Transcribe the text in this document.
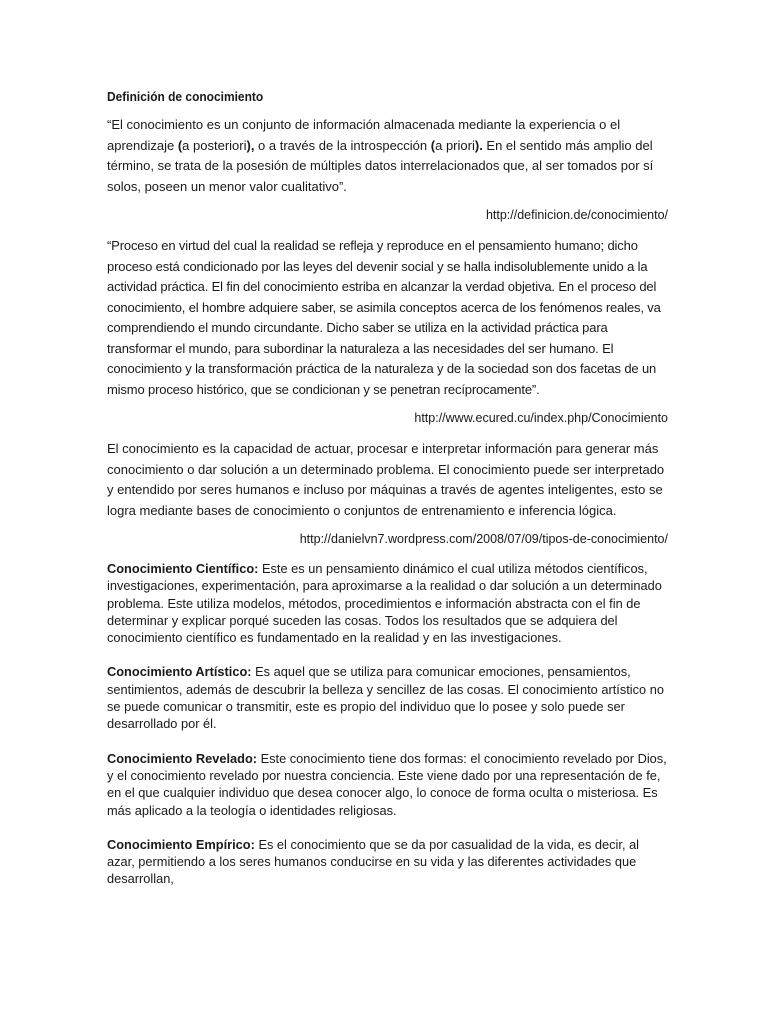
Definición de conocimiento

“El conocimiento es un conjunto de información almacenada mediante la experiencia o el aprendizaje (a posteriori), o a través de la introspección (a priori). En el sentido más amplio del término, se trata de la posesión de múltiples datos interrelacionados que, al ser tomados por sí solos, poseen un menor valor cualitativo”.

http://definicion.de/conocimiento/

“Proceso en virtud del cual la realidad se refleja y reproduce en el pensamiento humano; dicho proceso está condicionado por las leyes del devenir social y se halla indisolublemente unido a la actividad práctica. El fin del conocimiento estriba en alcanzar la verdad objetiva. En el proceso del conocimiento, el hombre adquiere saber, se asimila conceptos acerca de los fenómenos reales, va comprendiendo el mundo circundante. Dicho saber se utiliza en la actividad práctica para transformar el mundo, para subordinar la naturaleza a las necesidades del ser humano. El conocimiento y la transformación práctica de la naturaleza y de la sociedad son dos facetas de un mismo proceso histórico, que se condicionan y se penetran recíprocamente”.

http://www.ecured.cu/index.php/Conocimiento

El conocimiento es la capacidad de actuar, procesar e interpretar información para generar más conocimiento o dar solución a un determinado problema. El conocimiento puede ser interpretado y entendido por seres humanos e incluso por máquinas a través de agentes inteligentes, esto se logra mediante bases de conocimiento o conjuntos de entrenamiento e inferencia lógica.

http://danielvn7.wordpress.com/2008/07/09/tipos-de-conocimiento/

Conocimiento Científico: Este es un pensamiento dinámico el cual utiliza métodos científicos, investigaciones, experimentación, para aproximarse a la realidad o dar solución a un determinado problema. Este utiliza modelos, métodos, procedimientos e información abstracta con el fin de determinar y explicar porqué suceden las cosas. Todos los resultados que se adquiera del conocimiento científico es fundamentado en la realidad y en las investigaciones.

Conocimiento Artístico: Es aquel que se utiliza para comunicar emociones, pensamientos, sentimientos, además de descubrir la belleza y sencillez de las cosas. El conocimiento artístico no se puede comunicar o transmitir, este es propio del individuo que lo posee y solo puede ser desarrollado por él.

Conocimiento Revelado: Este conocimiento tiene dos formas: el conocimiento revelado por Dios, y el conocimiento revelado por nuestra conciencia. Este viene dado por una representación de fe, en el que cualquier individuo que desea conocer algo, lo conoce de forma oculta o misteriosa. Es más aplicado a la teología o identidades religiosas.

Conocimiento Empírico: Es el conocimiento que se da por casualidad de la vida, es decir, al azar, permitiendo a los seres humanos conducirse en su vida y las diferentes actividades que desarrollan,
